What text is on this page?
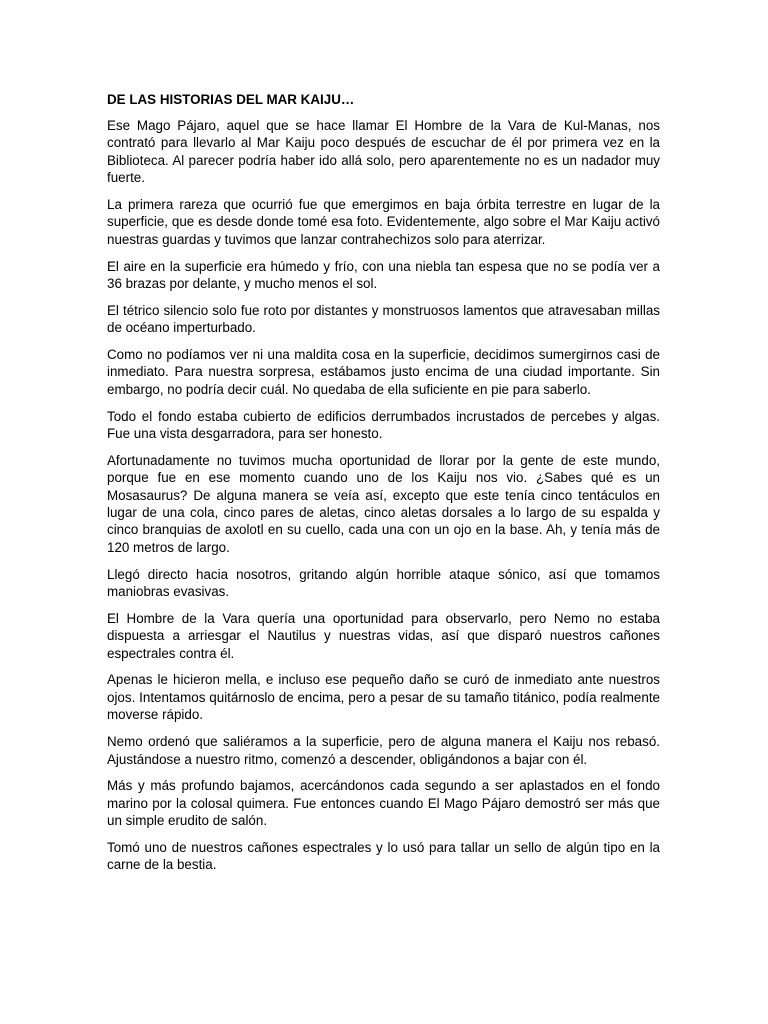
DE LAS HISTORIAS DEL MAR KAIJU…

Ese Mago Pájaro, aquel que se hace llamar El Hombre de la Vara de Kul-Manas, nos contrató para llevarlo al Mar Kaiju poco después de escuchar de él por primera vez en la Biblioteca. Al parecer podría haber ido allá solo, pero aparentemente no es un nadador muy fuerte.

La primera rareza que ocurrió fue que emergimos en baja órbita terrestre en lugar de la superficie, que es desde donde tomé esa foto. Evidentemente, algo sobre el Mar Kaiju activó nuestras guardas y tuvimos que lanzar contrahechizos solo para aterrizar.

El aire en la superficie era húmedo y frío, con una niebla tan espesa que no se podía ver a 36 brazas por delante, y mucho menos el sol.

El tétrico silencio solo fue roto por distantes y monstruosos lamentos que atravesaban millas de océano imperturbado.

Como no podíamos ver ni una maldita cosa en la superficie, decidimos sumergirnos casi de inmediato. Para nuestra sorpresa, estábamos justo encima de una ciudad importante. Sin embargo, no podría decir cuál. No quedaba de ella suficiente en pie para saberlo.

Todo el fondo estaba cubierto de edificios derrumbados incrustados de percebes y algas. Fue una vista desgarradora, para ser honesto.

Afortunadamente no tuvimos mucha oportunidad de llorar por la gente de este mundo, porque fue en ese momento cuando uno de los Kaiju nos vio. ¿Sabes qué es un Mosasaurus? De alguna manera se veía así, excepto que este tenía cinco tentáculos en lugar de una cola, cinco pares de aletas, cinco aletas dorsales a lo largo de su espalda y cinco branquias de axolotl en su cuello, cada una con un ojo en la base. Ah, y tenía más de 120 metros de largo.

Llegó directo hacia nosotros, gritando algún horrible ataque sónico, así que tomamos maniobras evasivas.

El Hombre de la Vara quería una oportunidad para observarlo, pero Nemo no estaba dispuesta a arriesgar el Nautilus y nuestras vidas, así que disparó nuestros cañones espectrales contra él.

Apenas le hicieron mella, e incluso ese pequeño daño se curó de inmediato ante nuestros ojos. Intentamos quitárnoslo de encima, pero a pesar de su tamaño titánico, podía realmente moverse rápido.

Nemo ordenó que saliéramos a la superficie, pero de alguna manera el Kaiju nos rebasó. Ajustándose a nuestro ritmo, comenzó a descender, obligándonos a bajar con él.

Más y más profundo bajamos, acercándonos cada segundo a ser aplastados en el fondo marino por la colosal quimera. Fue entonces cuando El Mago Pájaro demostró ser más que un simple erudito de salón.

Tomó uno de nuestros cañones espectrales y lo usó para tallar un sello de algún tipo en la carne de la bestia.
